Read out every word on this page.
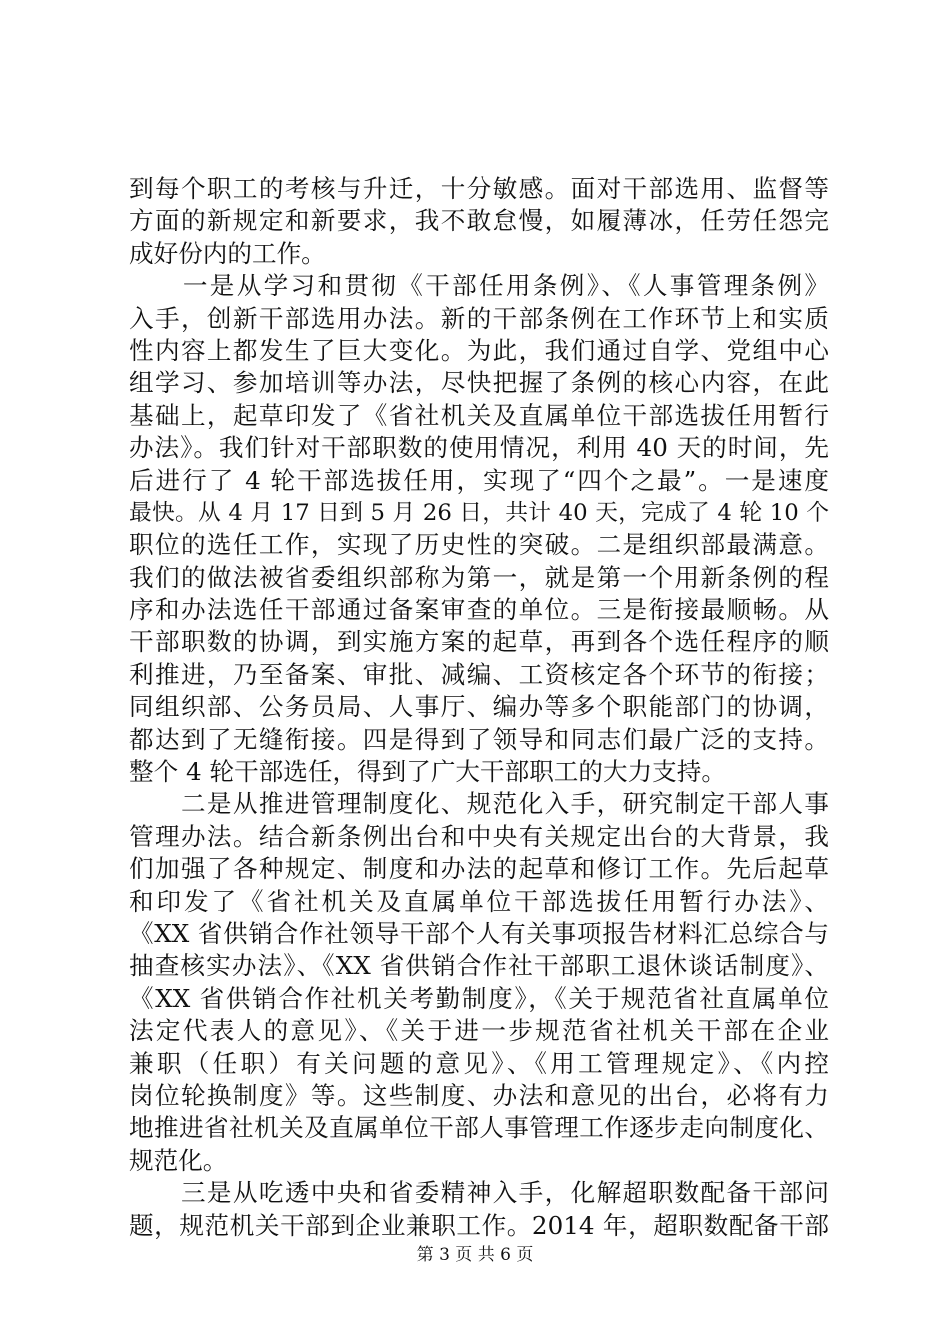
到每个职工的考核与升迁，十分敏感。面对干部选用、监督等
方面的新规定和新要求，我不敢怠慢，如履薄冰，任劳任怨完
成好份内的工作。
　　一是从学习和贯彻《干部任用条例》、《人事管理条例》
入手，创新干部选用办法。新的干部条例在工作环节上和实质
性内容上都发生了巨大变化。为此，我们通过自学、党组中心
组学习、参加培训等办法，尽快把握了条例的核心内容，在此
基础上，起草印发了《省社机关及直属单位干部选拔任用暂行
办法》。我们针对干部职数的使用情况，利用 40 天的时间，先
后进行了 4 轮干部选拔任用，实现了“四个之最”。一是速度
最快。从 4 月 17 日到 5 月 26 日，共计 40 天，完成了 4 轮 10 个
职位的选任工作，实现了历史性的突破。二是组织部最满意。
我们的做法被省委组织部称为第一，就是第一个用新条例的程
序和办法选任干部通过备案审查的单位。三是衔接最顺畅。从
干部职数的协调，到实施方案的起草，再到各个选任程序的顺
利推进，乃至备案、审批、减编、工资核定各个环节的衔接；
同组织部、公务员局、人事厅、编办等多个职能部门的协调，
都达到了无缝衔接。四是得到了领导和同志们最广泛的支持。
整个 4 轮干部选任，得到了广大干部职工的大力支持。
　　二是从推进管理制度化、规范化入手，研究制定干部人事
管理办法。结合新条例出台和中央有关规定出台的大背景，我
们加强了各种规定、制度和办法的起草和修订工作。先后起草
和印发了《省社机关及直属单位干部选拔任用暂行办法》、
《XX 省供销合作社领导干部个人有关事项报告材料汇总综合与
抽查核实办法》、《XX 省供销合作社干部职工退休谈话制度》、
《XX 省供销合作社机关考勤制度》，《关于规范省社直属单位
法定代表人的意见》、《关于进一步规范省社机关干部在企业
兼职（任职）有关问题的意见》、《用工管理规定》、《内控
岗位轮换制度》等。这些制度、办法和意见的出台，必将有力
地推进省社机关及直属单位干部人事管理工作逐步走向制度化、
规范化。
　　三是从吃透中央和省委精神入手，化解超职数配备干部问
题，规范机关干部到企业兼职工作。2014 年，超职数配备干部
第 3 页 共 6 页
